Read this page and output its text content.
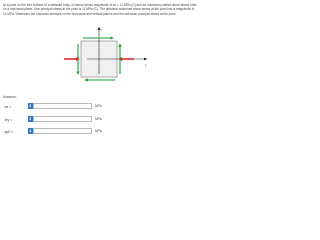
At a point on the free surface of a stressed body, a normal stress magnitude of σx = 11 MPa (C) and an unknown positive shear stress exist on a horizontal plane. One principal stress at the point is 11 MPa (C). The absolute maximum shear stress at the point has a magnitude of 14 MPa. Determine the unknown stresses on the horizontal and vertical planes and the unknown principal stress at the point.
y
x
Answers:
σx =	i	MPa
τxy =	i	MPa
σp2 =	i	MPa
